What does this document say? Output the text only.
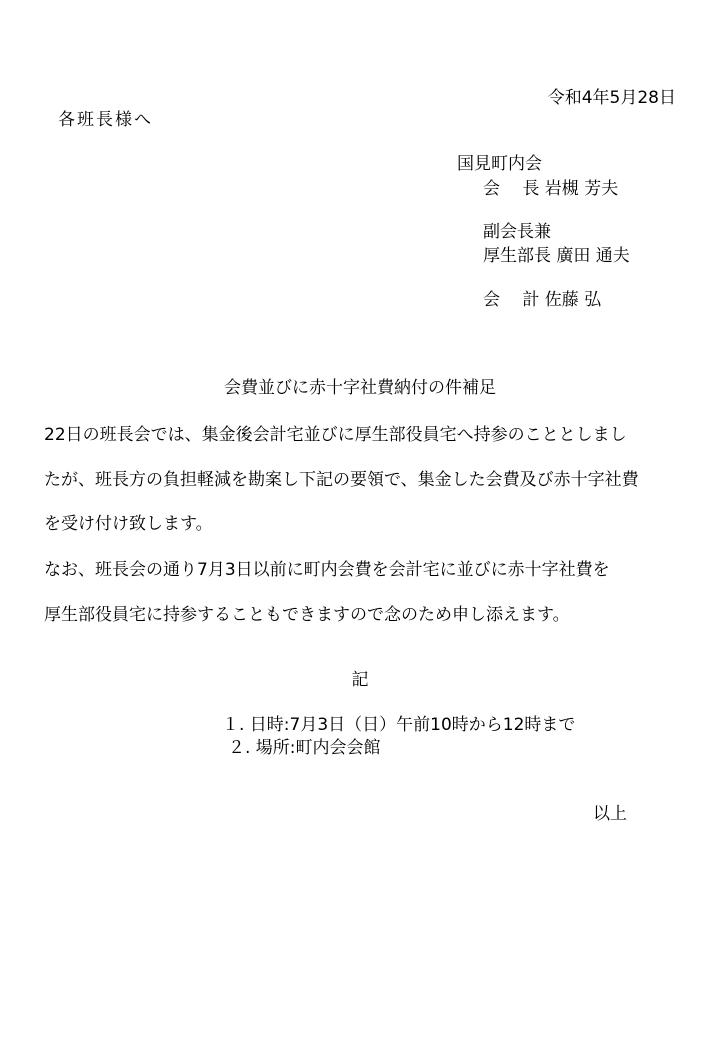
令和4年5月28日
各班長様へ
国見町内会
会　 長 岩槻 芳夫
副会長兼
厚生部長 廣田 通夫
会　 計 佐藤 弘
会費並びに赤十字社費納付の件補足
22日の班長会では、集金後会計宅並びに厚生部役員宅へ持参のこととしまし
たが、班長方の負担軽減を勘案し下記の要領で、集金した会費及び赤十字社費
を受け付け致します。
なお、班長会の通り7月3日以前に町内会費を会計宅に並びに赤十字社費を
厚生部役員宅に持参することもできますので念のため申し添えます。
記
１. 日時:7月3日（日）午前10時から12時まで
２. 場所:町内会会館
以上
